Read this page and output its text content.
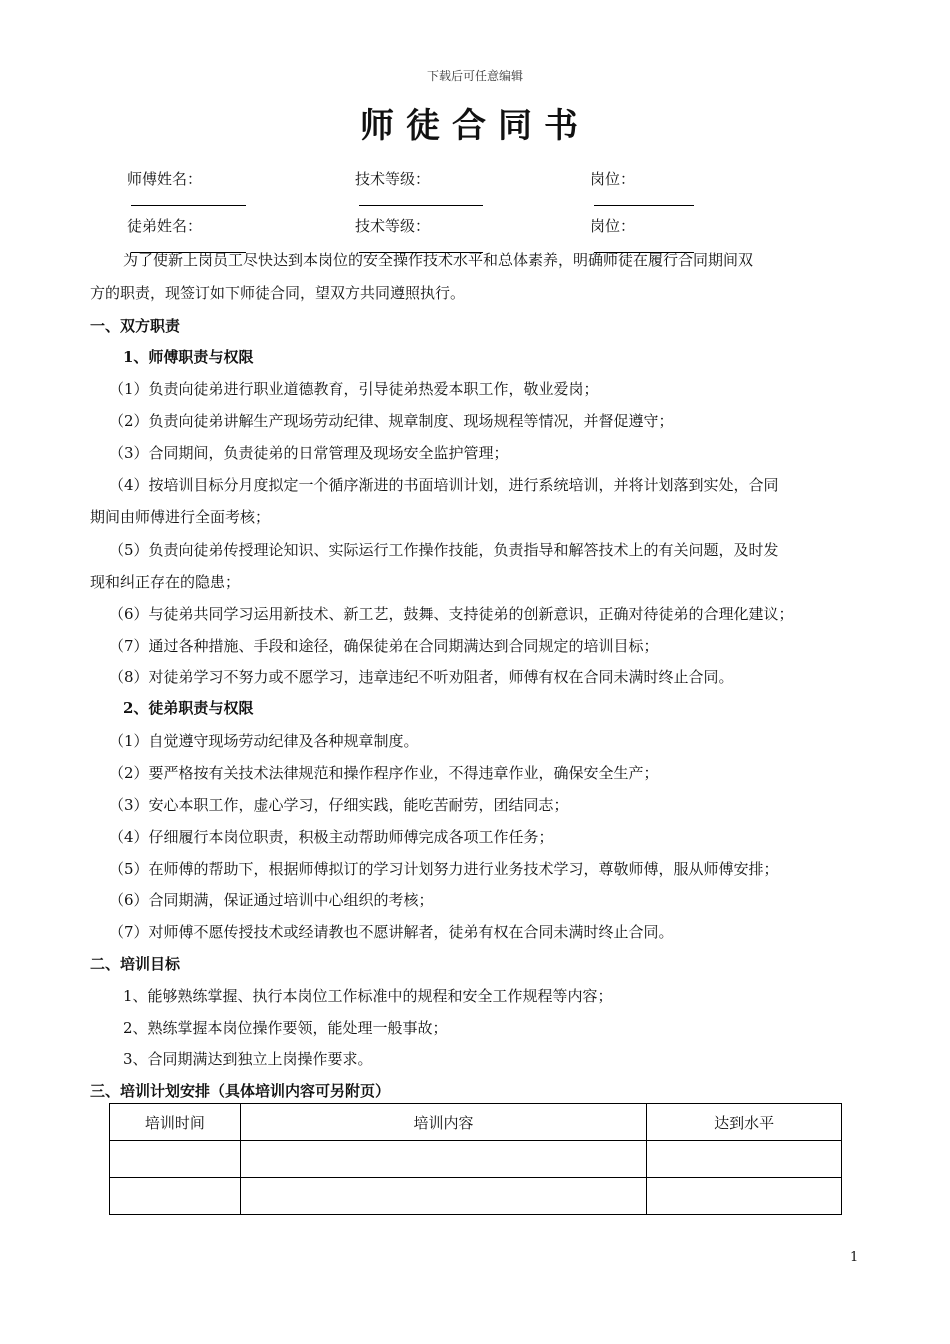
下载后可任意编辑
师徒合同书
师傅姓名：	技术等级：	岗位：
徒弟姓名：	技术等级：	岗位：
为了使新上岗员工尽快达到本岗位的安全操作技术水平和总体素养，明确师徒在履行合同期间双
方的职责，现签订如下师徒合同，望双方共同遵照执行。
一、双方职责
1、师傅职责与权限
（1）负责向徒弟进行职业道德教育，引导徒弟热爱本职工作，敬业爱岗；
（2）负责向徒弟讲解生产现场劳动纪律、规章制度、现场规程等情况，并督促遵守；
（3）合同期间，负责徒弟的日常管理及现场安全监护管理；
（4）按培训目标分月度拟定一个循序渐进的书面培训计划，进行系统培训，并将计划落到实处，合同
期间由师傅进行全面考核；
（5）负责向徒弟传授理论知识、实际运行工作操作技能，负责指导和解答技术上的有关问题，及时发
现和纠正存在的隐患；
（6）与徒弟共同学习运用新技术、新工艺，鼓舞、支持徒弟的创新意识，正确对待徒弟的合理化建议；
（7）通过各种措施、手段和途径，确保徒弟在合同期满达到合同规定的培训目标；
（8）对徒弟学习不努力或不愿学习，违章违纪不听劝阻者，师傅有权在合同未满时终止合同。
2、徒弟职责与权限
（1）自觉遵守现场劳动纪律及各种规章制度。
（2）要严格按有关技术法律规范和操作程序作业，不得违章作业，确保安全生产；
（3）安心本职工作，虚心学习，仔细实践，能吃苦耐劳，团结同志；
（4）仔细履行本岗位职责，积极主动帮助师傅完成各项工作任务；
（5）在师傅的帮助下，根据师傅拟订的学习计划努力进行业务技术学习，尊敬师傅，服从师傅安排；
（6）合同期满，保证通过培训中心组织的考核；
（7）对师傅不愿传授技术或经请教也不愿讲解者，徒弟有权在合同未满时终止合同。
二、培训目标
1、能够熟练掌握、执行本岗位工作标准中的规程和安全工作规程等内容；
2、熟练掌握本岗位操作要领，能处理一般事故；
3、合同期满达到独立上岗操作要求。
三、培训计划安排（具体培训内容可另附页）
培训时间	培训内容	达到水平

1
